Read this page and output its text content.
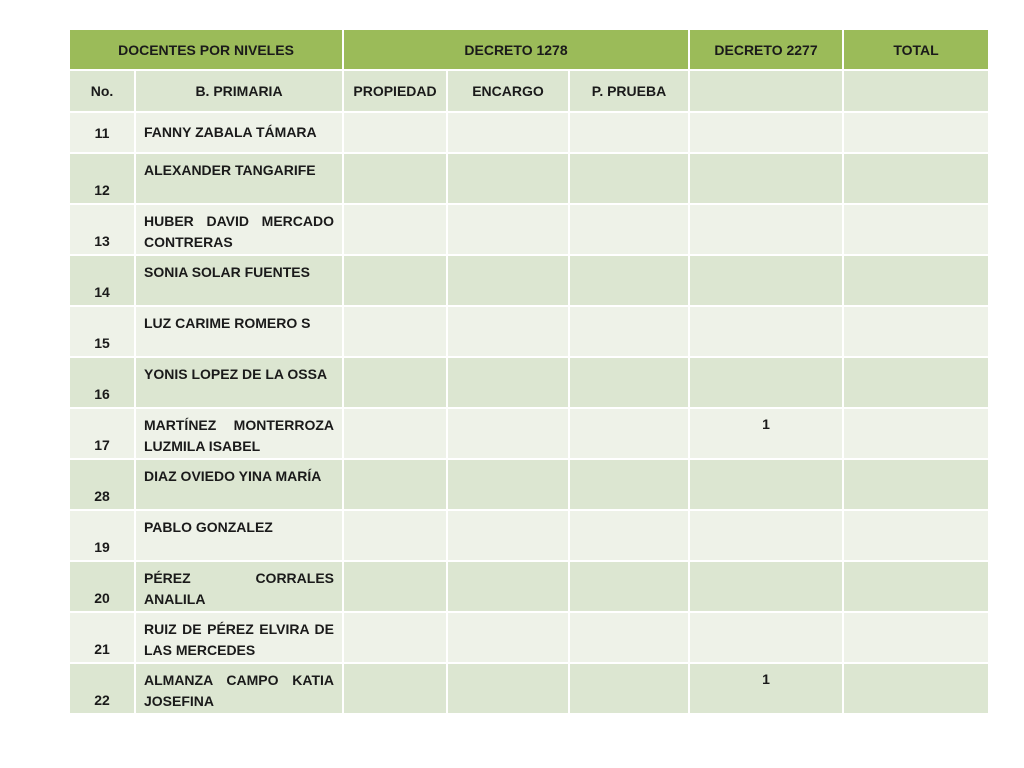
DOCENTES POR NIVELES		DECRETO 1278			DECRETO 2277	TOTAL
No.	B. PRIMARIA	PROPIEDAD	ENCARGO	P. PRUEBA		
11	FANNY ZABALA TÁMARA					
12	ALEXANDER TANGARIFE					
13	HUBER DAVID MERCADO CONTRERAS					
14	SONIA SOLAR FUENTES					
15	LUZ CARIME ROMERO S					
16	YONIS LOPEZ DE LA OSSA					
17	MARTÍNEZ MONTERROZA LUZMILA ISABEL				1	
28	DIAZ OVIEDO YINA MARÍA					
19	PABLO GONZALEZ					
20	PÉREZ CORRALES ANALILA					
21	RUIZ DE PÉREZ ELVIRA DE LAS MERCEDES					
22	ALMANZA CAMPO KATIA JOSEFINA				1	
